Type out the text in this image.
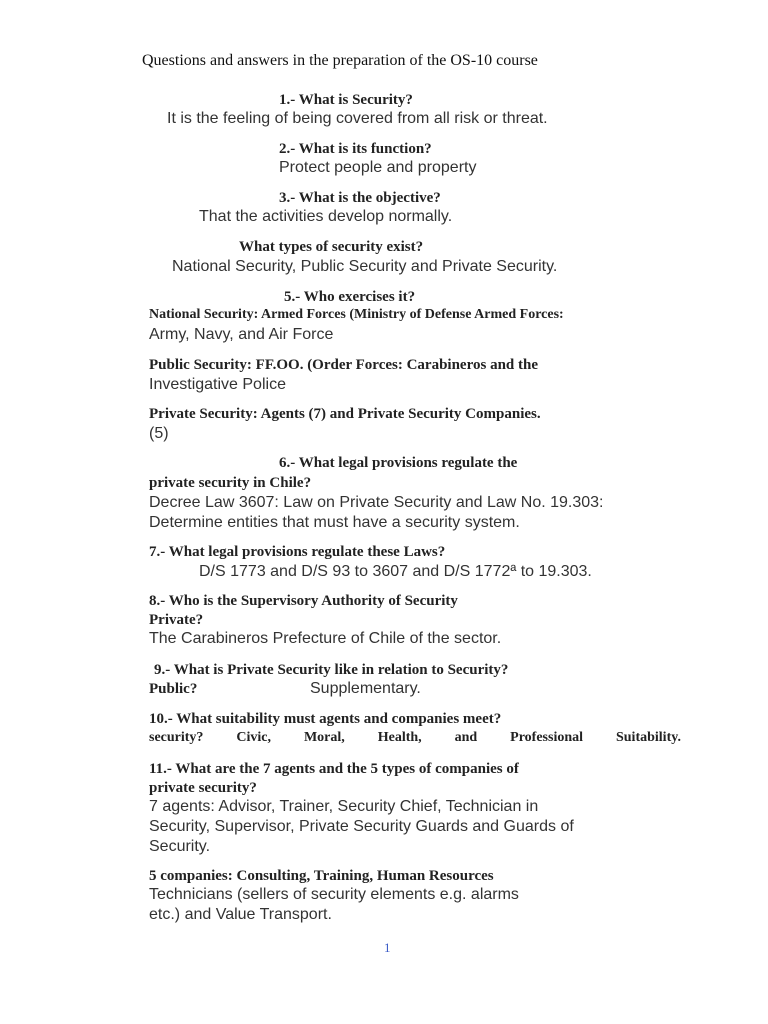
Questions and answers in the preparation of the OS-10 course

1.- What is Security?

It is the feeling of being covered from all risk or threat.

2.- What is its function?

Protect people and property

3.- What is the objective?

That the activities develop normally.

What types of security exist?

National Security, Public Security and Private Security.

5.- Who exercises it?

National Security: Armed Forces (Ministry of Defense Armed Forces:

Army, Navy, and Air Force

Public Security: FF.OO. (Order Forces: Carabineros and the

Investigative Police

Private Security: Agents (7) and Private Security Companies.

(5)

6.- What legal provisions regulate the

private security in Chile?

Decree Law 3607: Law on Private Security and Law No. 19.303:

Determine entities that must have a security system.

7.- What legal provisions regulate these Laws?

D/S 1773 and D/S 93 to 3607 and D/S 1772ª to 19.303.

8.- Who is the Supervisory Authority of Security

Private?

The Carabineros Prefecture of Chile of the sector.

9.- What is Private Security like in relation to Security?

Public?	Supplementary.

10.- What suitability must agents and companies meet?

security? Civic, Moral, Health, and Professional Suitability.

11.- What are the 7 agents and the 5 types of companies of

private security?

7 agents: Advisor, Trainer, Security Chief, Technician in

Security, Supervisor, Private Security Guards and Guards of

Security.

5 companies: Consulting, Training, Human Resources

Technicians (sellers of security elements e.g. alarms

etc.) and Value Transport.

1
